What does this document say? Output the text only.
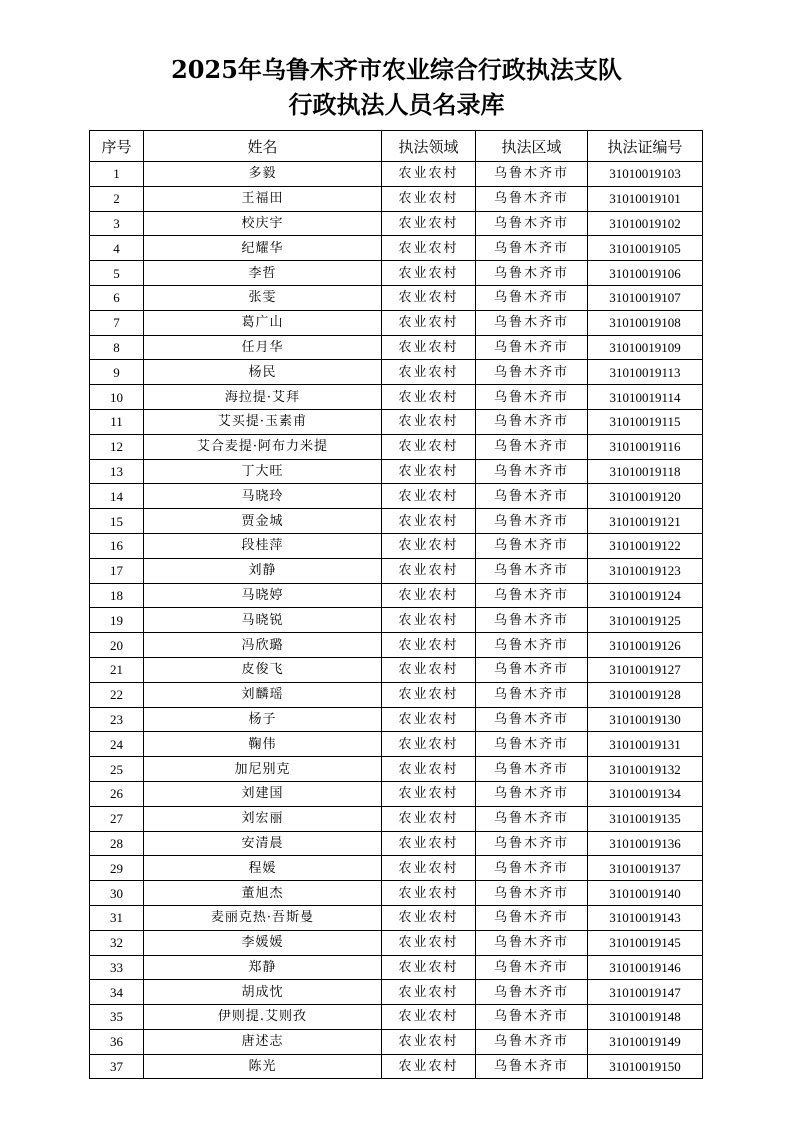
2025年乌鲁木齐市农业综合行政执法支队
行政执法人员名录库
序号	姓名	执法领域	执法区域	执法证编号
1	多毅	农业农村	乌鲁木齐市	31010019103
2	王福田	农业农村	乌鲁木齐市	31010019101
3	校庆宇	农业农村	乌鲁木齐市	31010019102
4	纪耀华	农业农村	乌鲁木齐市	31010019105
5	李哲	农业农村	乌鲁木齐市	31010019106
6	张雯	农业农村	乌鲁木齐市	31010019107
7	葛广山	农业农村	乌鲁木齐市	31010019108
8	任月华	农业农村	乌鲁木齐市	31010019109
9	杨民	农业农村	乌鲁木齐市	31010019113
10	海拉提·艾拜	农业农村	乌鲁木齐市	31010019114
11	艾买提·玉素甫	农业农村	乌鲁木齐市	31010019115
12	艾合麦提·阿布力米提	农业农村	乌鲁木齐市	31010019116
13	丁大旺	农业农村	乌鲁木齐市	31010019118
14	马晓玲	农业农村	乌鲁木齐市	31010019120
15	贾金城	农业农村	乌鲁木齐市	31010019121
16	段桂萍	农业农村	乌鲁木齐市	31010019122
17	刘静	农业农村	乌鲁木齐市	31010019123
18	马晓婷	农业农村	乌鲁木齐市	31010019124
19	马晓锐	农业农村	乌鲁木齐市	31010019125
20	冯欣璐	农业农村	乌鲁木齐市	31010019126
21	皮俊飞	农业农村	乌鲁木齐市	31010019127
22	刘麟瑶	农业农村	乌鲁木齐市	31010019128
23	杨子	农业农村	乌鲁木齐市	31010019130
24	鞠伟	农业农村	乌鲁木齐市	31010019131
25	加尼别克	农业农村	乌鲁木齐市	31010019132
26	刘建国	农业农村	乌鲁木齐市	31010019134
27	刘宏丽	农业农村	乌鲁木齐市	31010019135
28	安清晨	农业农村	乌鲁木齐市	31010019136
29	程媛	农业农村	乌鲁木齐市	31010019137
30	董旭杰	农业农村	乌鲁木齐市	31010019140
31	麦丽克热·吾斯曼	农业农村	乌鲁木齐市	31010019143
32	李媛媛	农业农村	乌鲁木齐市	31010019145
33	郑静	农业农村	乌鲁木齐市	31010019146
34	胡成忱	农业农村	乌鲁木齐市	31010019147
35	伊则提.艾则孜	农业农村	乌鲁木齐市	31010019148
36	唐述志	农业农村	乌鲁木齐市	31010019149
37	陈光	农业农村	乌鲁木齐市	31010019150
